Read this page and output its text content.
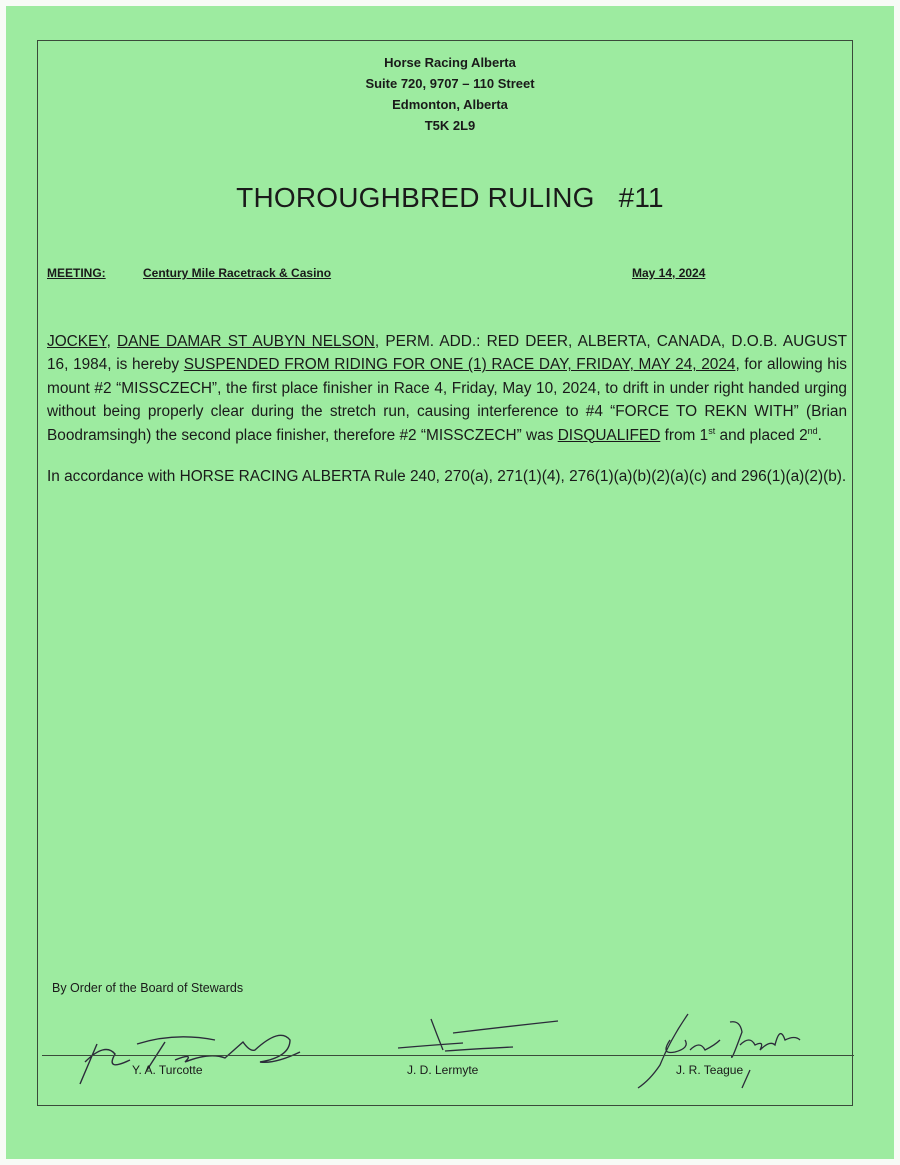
Horse Racing Alberta
Suite 720, 9707 – 110 Street
Edmonton, Alberta
T5K 2L9
THOROUGHBRED RULING   #11
MEETING:	Century Mile Racetrack & Casino	May 14, 2024

JOCKEY, DANE DAMAR ST AUBYN NELSON, PERM. ADD.: RED DEER, ALBERTA, CANADA, D.O.B. AUGUST 16, 1984, is hereby SUSPENDED FROM RIDING FOR ONE (1) RACE DAY, FRIDAY, MAY 24, 2024, for allowing his mount #2 “MISSCZECH”, the first place finisher in Race 4, Friday, May 10, 2024, to drift in under right handed urging without being properly clear during the stretch run, causing interference to #4 “FORCE TO REKN WITH” (Brian Boodramsingh) the second place finisher, therefore #2 “MISSCZECH” was DISQUALIFED from 1st and placed 2nd.

In accordance with HORSE RACING ALBERTA Rule 240, 270(a), 271(1)(4), 276(1)(a)(b)(2)(a)(c) and 296(1)(a)(2)(b).

By Order of the Board of Stewards
Y. A. Turcotte	J. D. Lermyte	J. R. Teague
